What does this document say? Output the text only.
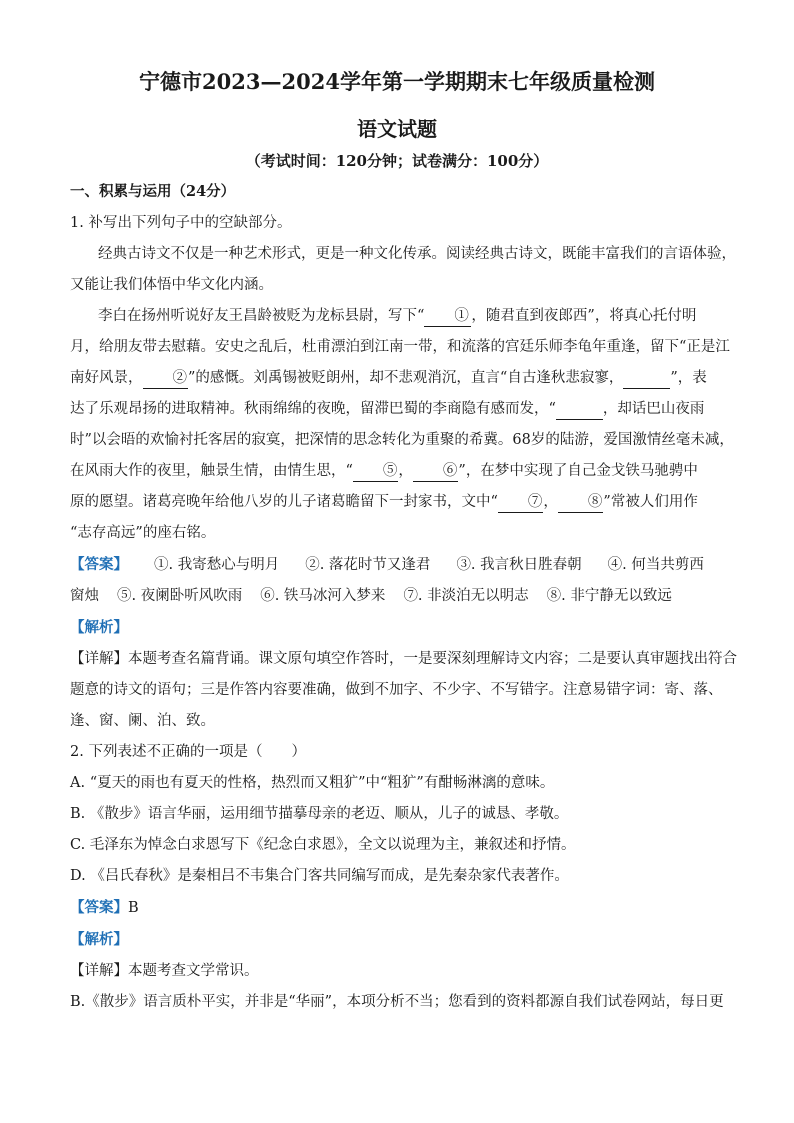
宁德市2023—2024学年第一学期期末七年级质量检测
语文试题
（考试时间：120分钟；试卷满分：100分）
一、积累与运用（24分）
1. 补写出下列句子中的空缺部分。
经典古诗文不仅是一种艺术形式，更是一种文化传承。阅读经典古诗文，既能丰富我们的言语体验，
又能让我们体悟中华文化内涵。
李白在扬州听说好友王昌龄被贬为龙标县尉，写下“　　 ① ，随君直到夜郎西”，将真心托付明
月，给朋友带去慰藉。安史之乱后，杜甫漂泊到江南一带，和流落的宫廷乐师李龟年重逢，留下“正是江
南好风景，　　 ②”的感慨。刘禹锡被贬朗州，却不悲观消沉，直言“自古逢秋悲寂寥，　　　	”，表
达了乐观昂扬的进取精神。秋雨绵绵的夜晚，留滞巴蜀的李商隐有感而发，“　　　	，却话巴山夜雨
时”以会晤的欢愉衬托客居的寂寞，把深情的思念转化为重聚的希冀。68岁的陆游，爱国激情丝毫未减，
在风雨大作的夜里，触景生情，由情生思，“　　 ⑤，　　 ⑥”，在梦中实现了自己金戈铁马驰骋中
原的愿望。诸葛亮晚年给他八岁的儿子诸葛瞻留下一封家书，文中“　　 ⑦，　　 ⑧”常被人们用作
“志存高远”的座右铭。
【答案】 ①. 我寄愁心与明月 ②. 落花时节又逢君 ③. 我言秋日胜春朝 ④. 何当共剪西
窗烛 ⑤. 夜阑卧听风吹雨 ⑥. 铁马冰河入梦来 ⑦. 非淡泊无以明志 ⑧. 非宁静无以致远
【解析】
【详解】本题考查名篇背诵。课文原句填空作答时，一是要深刻理解诗文内容；二是要认真审题找出符合
题意的诗文的语句；三是作答内容要准确，做到不加字、不少字、不写错字。注意易错字词：寄、落、
逢、窗、阑、泊、致。
2. 下列表述不正确的一项是（　　）
A. “夏天的雨也有夏天的性格，热烈而又粗犷”中“粗犷”有酣畅淋漓的意味。
B. 《散步》语言华丽，运用细节描摹母亲的老迈、顺从，儿子的诚恳、孝敬。
C. 毛泽东为悼念白求恩写下《纪念白求恩》，全文以说理为主，兼叙述和抒情。
D. 《吕氏春秋》是秦相吕不韦集合门客共同编写而成，是先秦杂家代表著作。
【答案】B
【解析】
【详解】本题考查文学常识。
B.《散步》语言质朴平实，并非是“华丽”，本项分析不当；您看到的资料都源自我们试卷网站，每日更
